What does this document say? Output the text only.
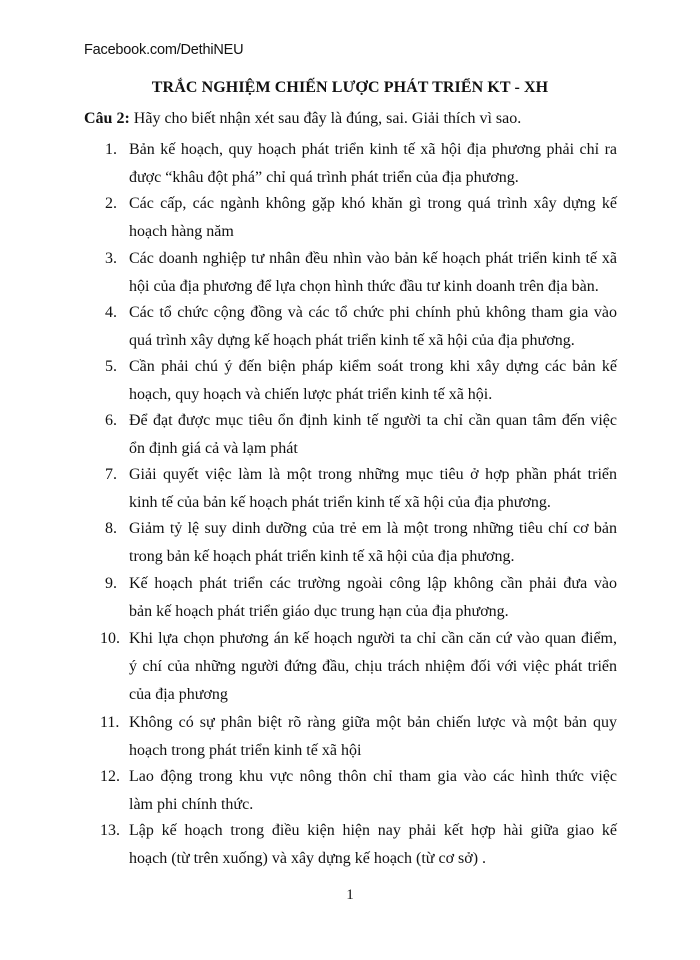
Facebook.com/DethiNEU
TRẮC NGHIỆM CHIẾN LƯỢC PHÁT TRIỂN KT - XH
Câu 2: Hãy cho biết nhận xét sau đây là đúng, sai. Giải thích vì sao.
1. Bản kế hoạch, quy hoạch phát triển kinh tế xã hội địa phương phải chỉ ra
được “khâu đột phá” chỉ quá trình phát triển của địa phương.
2. Các cấp, các ngành không gặp khó khăn gì trong quá trình xây dựng kế
hoạch hàng năm
3. Các doanh nghiệp tư nhân đều nhìn vào bản kế hoạch phát triển kinh tế xã
hội của địa phương để lựa chọn hình thức đầu tư kinh doanh trên địa bàn.
4. Các tổ chức cộng đồng và các tổ chức phi chính phủ không tham gia vào
quá trình xây dựng kế hoạch phát triển kinh tế xã hội của địa phương.
5. Cần phải chú ý đến biện pháp kiểm soát trong khi xây dựng các bản kế
hoạch, quy hoạch và chiến lược phát triển kinh tế xã hội.
6. Để đạt được mục tiêu ổn định kinh tế người ta chỉ cần quan tâm đến việc
ổn định giá cả và lạm phát
7. Giải quyết việc làm là một trong những mục tiêu ở hợp phần phát triển
kinh tế của bản kế hoạch phát triển kinh tế xã hội của địa phương.
8. Giảm tỷ lệ suy dinh dưỡng của trẻ em là một trong những tiêu chí cơ bản
trong bản kế hoạch phát triển kinh tế xã hội của địa phương.
9. Kế hoạch phát triển các trường ngoài công lập không cần phải đưa vào
bản kế hoạch phát triển giáo dục trung hạn của địa phương.
10. Khi lựa chọn phương án kế hoạch người ta chỉ cần căn cứ vào quan điểm,
ý chí của những người đứng đầu, chịu trách nhiệm đối với việc phát triển
của địa phương
11. Không có sự phân biệt rõ ràng giữa một bản chiến lược và một bản quy
hoạch trong phát triển kinh tế xã hội
12. Lao động trong khu vực nông thôn chỉ tham gia vào các hình thức việc
làm phi chính thức.
13. Lập kế hoạch trong điều kiện hiện nay phải kết hợp hài giữa giao kế
hoạch (từ trên xuống) và xây dựng kế hoạch (từ cơ sở) .
1
